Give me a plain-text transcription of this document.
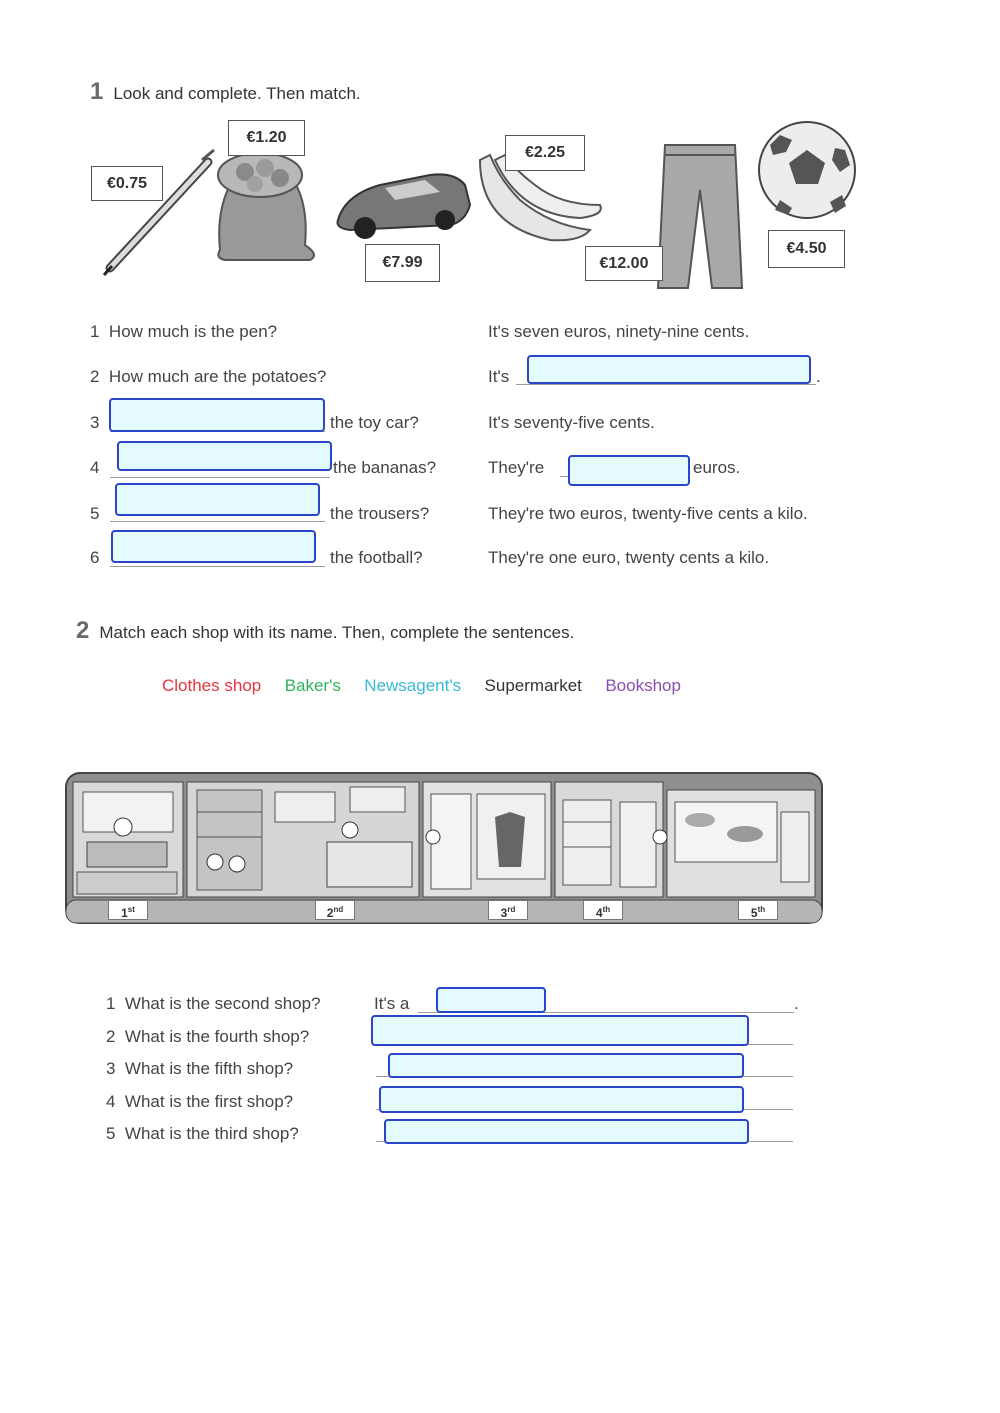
1 Look and complete. Then match.
€0.75
€1.20
€7.99
€2.25
€12.00
€4.50
1 How much is the pen?	It's seven euros, ninety-nine cents.
2 How much are the potatoes?	It's	.
3	the toy car?	It's seventy-five cents.
4	the bananas?	They're	euros.
5	the trousers?	They're two euros, twenty-five cents a kilo.
6	the football?	They're one euro, twenty cents a kilo.
2 Match each shop with its name. Then, complete the sentences.
Clothes shop Baker's Newsagent's Supermarket Bookshop
1st	2nd	3rd	4th	5th
1 What is the second shop?	It's a	.
2 What is the fourth shop?
3 What is the fifth shop?
4 What is the first shop?
5 What is the third shop?
